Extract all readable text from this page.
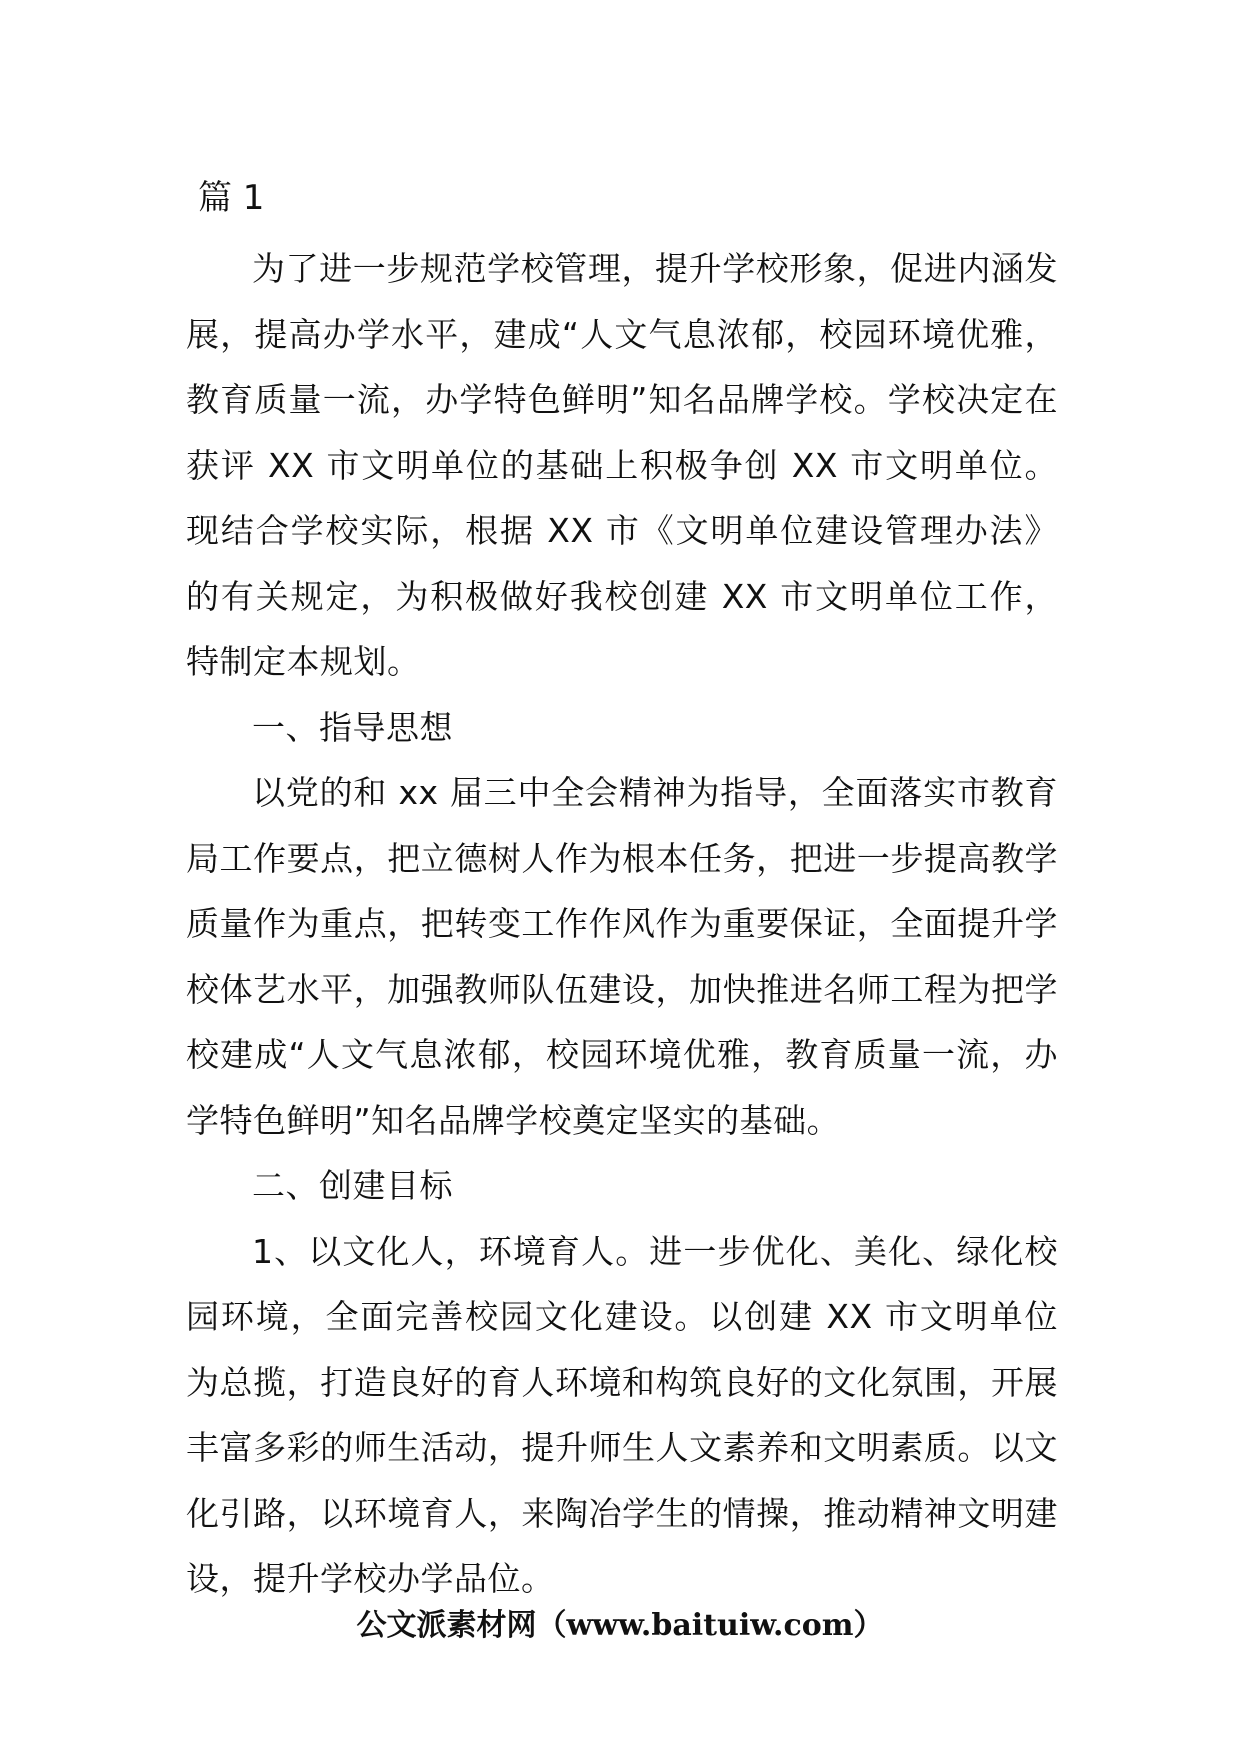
篇 1

为了进一步规范学校管理，提升学校形象，促进内涵发展，提高办学水平，建成“人文气息浓郁，校园环境优雅，教育质量一流，办学特色鲜明”知名品牌学校。学校决定在获评 XX 市文明单位的基础上积极争创 XX 市文明单位。现结合学校实际，根据 XX 市《文明单位建设管理办法》的有关规定，为积极做好我校创建 XX 市文明单位工作，特制定本规划。

一、指导思想

以党的和 xx 届三中全会精神为指导，全面落实市教育局工作要点，把立德树人作为根本任务，把进一步提高教学质量作为重点，把转变工作作风作为重要保证，全面提升学校体艺水平，加强教师队伍建设，加快推进名师工程为把学校建成“人文气息浓郁，校园环境优雅，教育质量一流，办学特色鲜明”知名品牌学校奠定坚实的基础。

二、创建目标

1、以文化人，环境育人。进一步优化、美化、绿化校园环境，全面完善校园文化建设。以创建 XX 市文明单位为总揽，打造良好的育人环境和构筑良好的文化氛围，开展丰富多彩的师生活动，提升师生人文素养和文明素质。以文化引路，以环境育人，来陶冶学生的情操，推动精神文明建设，提升学校办学品位。

公文派素材网（www.baituiw.com）
